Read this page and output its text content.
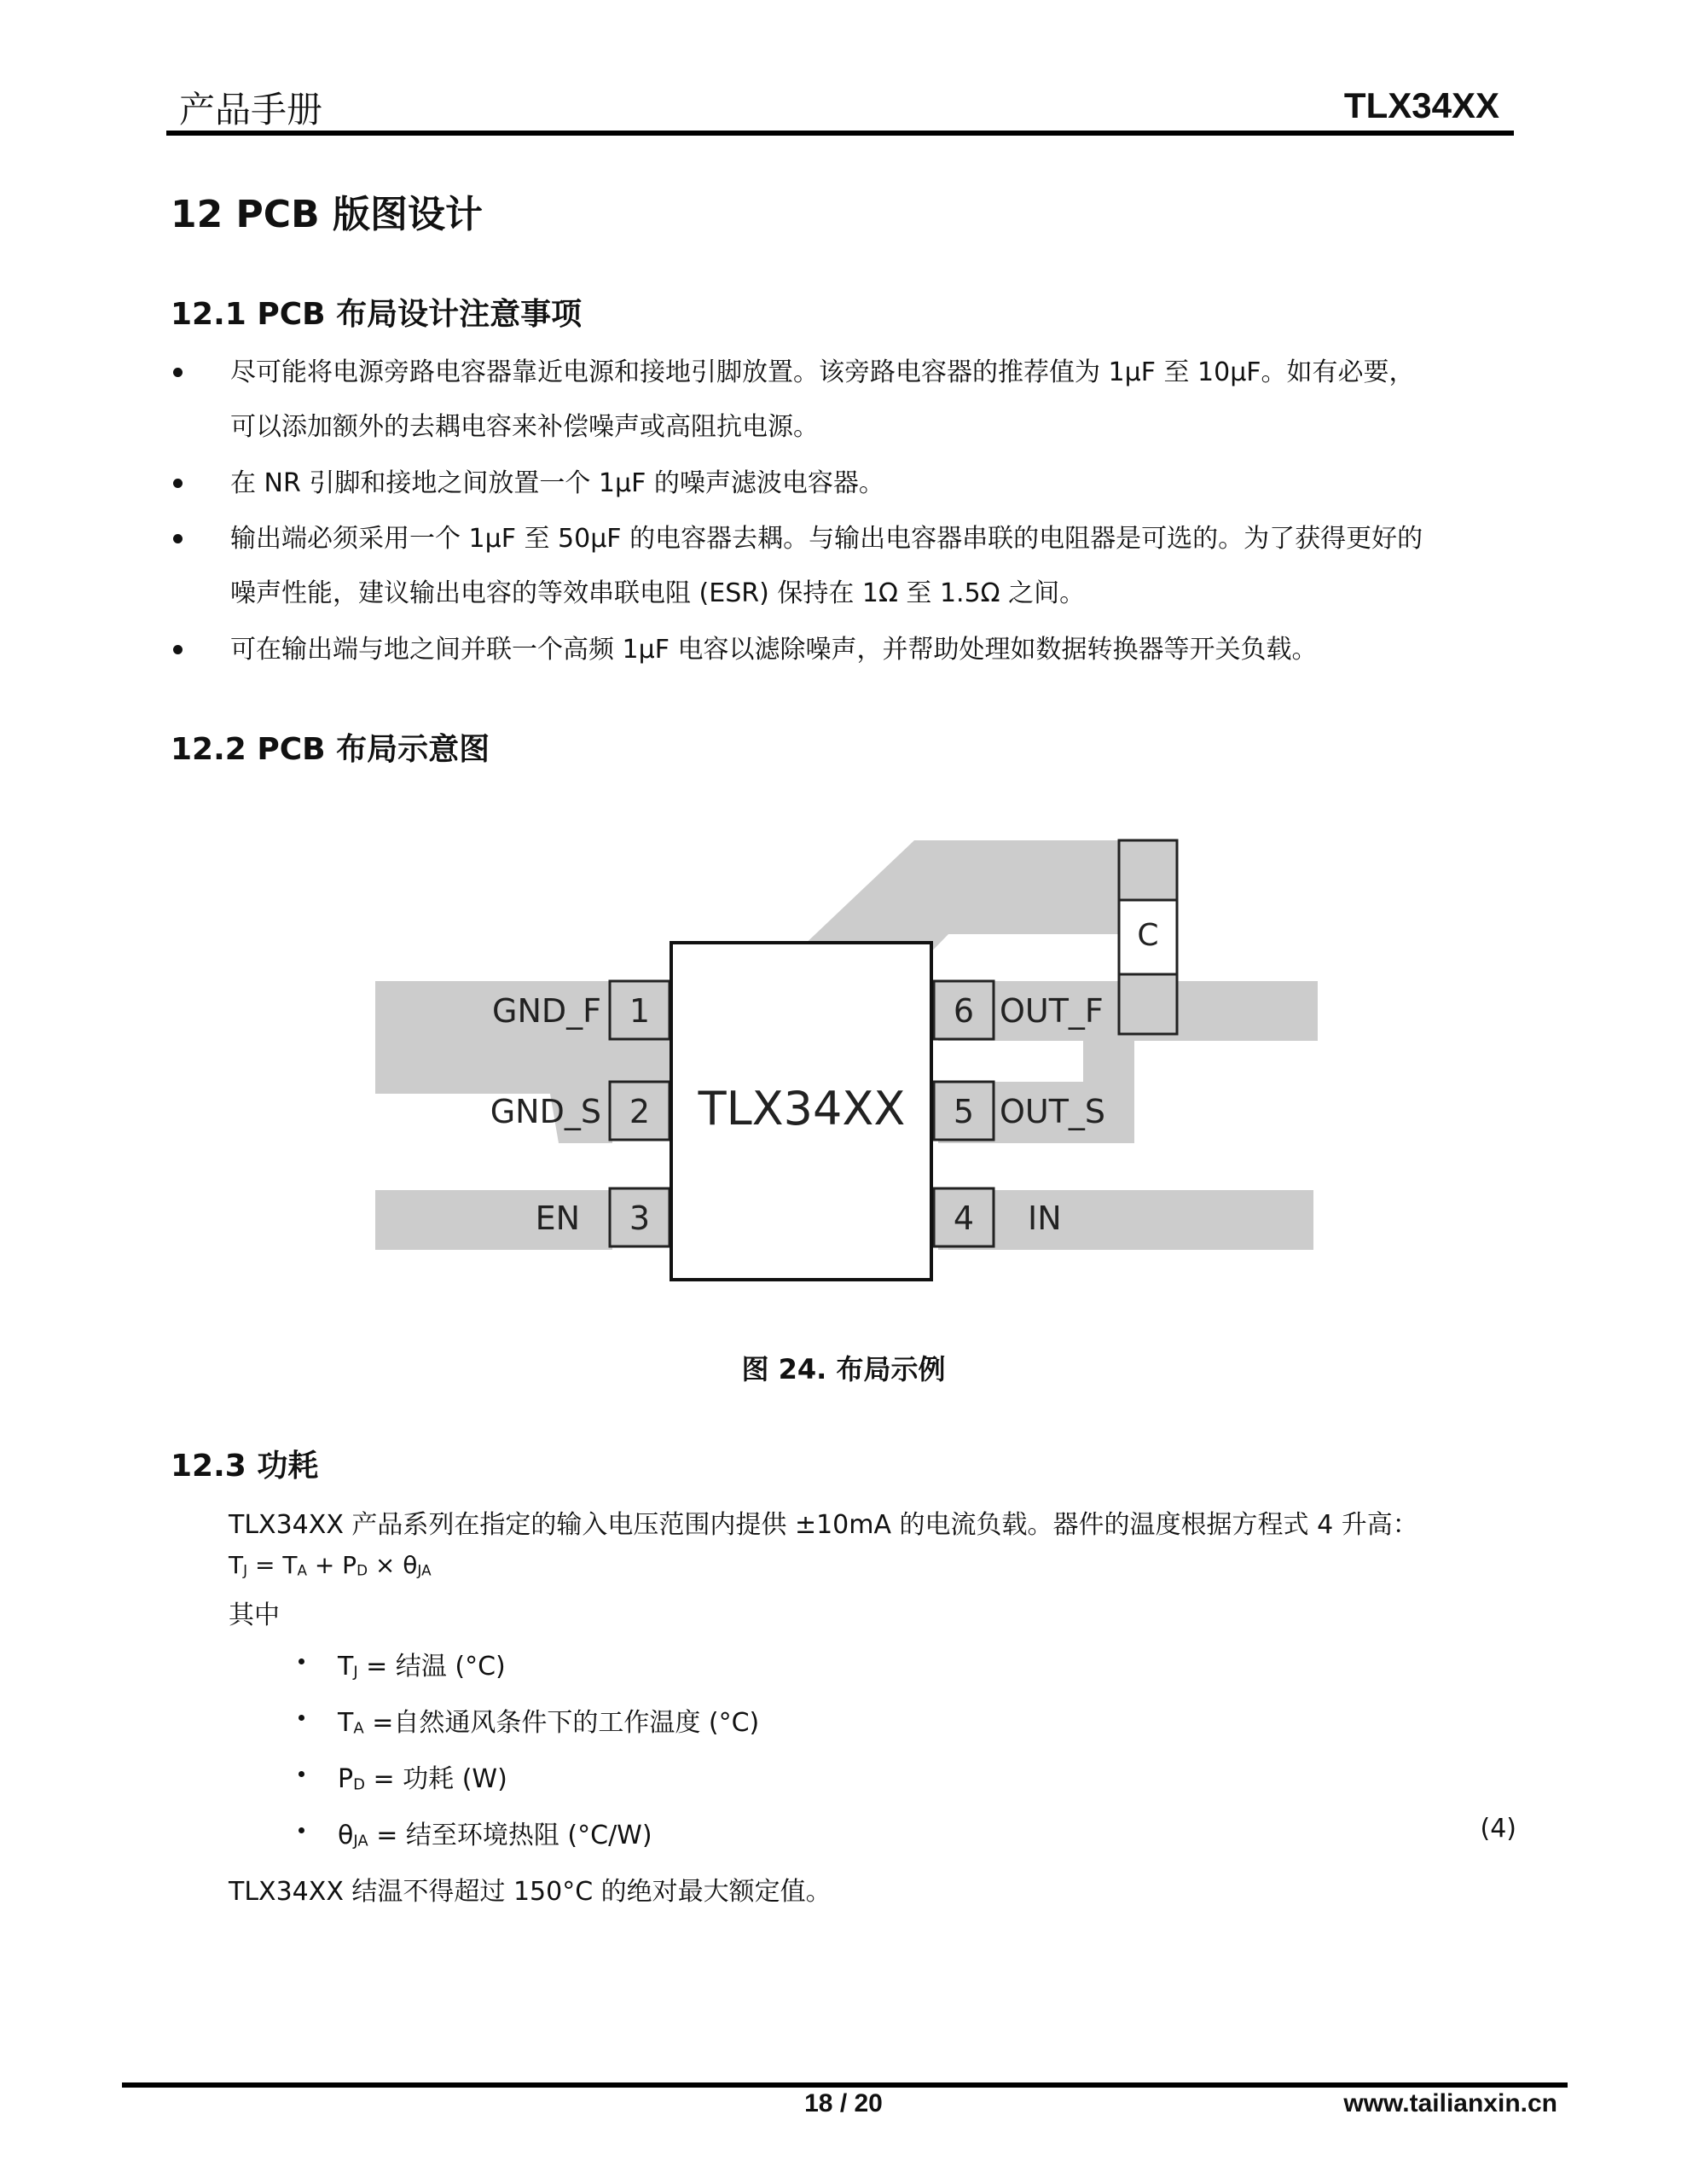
产品手册	TLX34XX
12 PCB 版图设计
12.1 PCB 布局设计注意事项
尽可能将电源旁路电容器靠近电源和接地引脚放置。该旁路电容器的推荐值为 1µF 至 10µF。如有必要，
可以添加额外的去耦电容来补偿噪声或高阻抗电源。
在 NR 引脚和接地之间放置一个 1µF 的噪声滤波电容器。
输出端必须采用一个 1µF 至 50µF 的电容器去耦。与输出电容器串联的电阻器是可选的。为了获得更好的
噪声性能，建议输出电容的等效串联电阻 (ESR) 保持在 1Ω 至 1.5Ω 之间。
可在输出端与地之间并联一个高频 1µF 电容以滤除噪声，并帮助处理如数据转换器等开关负载。
12.2 PCB 布局示意图
C
TLX34XX
1
2
3
6
5
4
GND_F
GND_S
EN
OUT_F
OUT_S
IN
图 24. 布局示例
12.3 功耗
TLX34XX 产品系列在指定的输入电压范围内提供 ±10mA 的电流负载。器件的温度根据方程式 4 升高：
$T_J = T_A + P_D \times \theta_{JA}$
其中
$T_J$ = 结温 (°C)
$T_A$ =自然通风条件下的工作温度 (°C)
$P_D$ = 功耗 (W)
$\theta_{JA}$ = 结至环境热阻 (°C/W)	(4)
TLX34XX 结温不得超过 150°C 的绝对最大额定值。
18 / 20	www.tailianxin.cn
